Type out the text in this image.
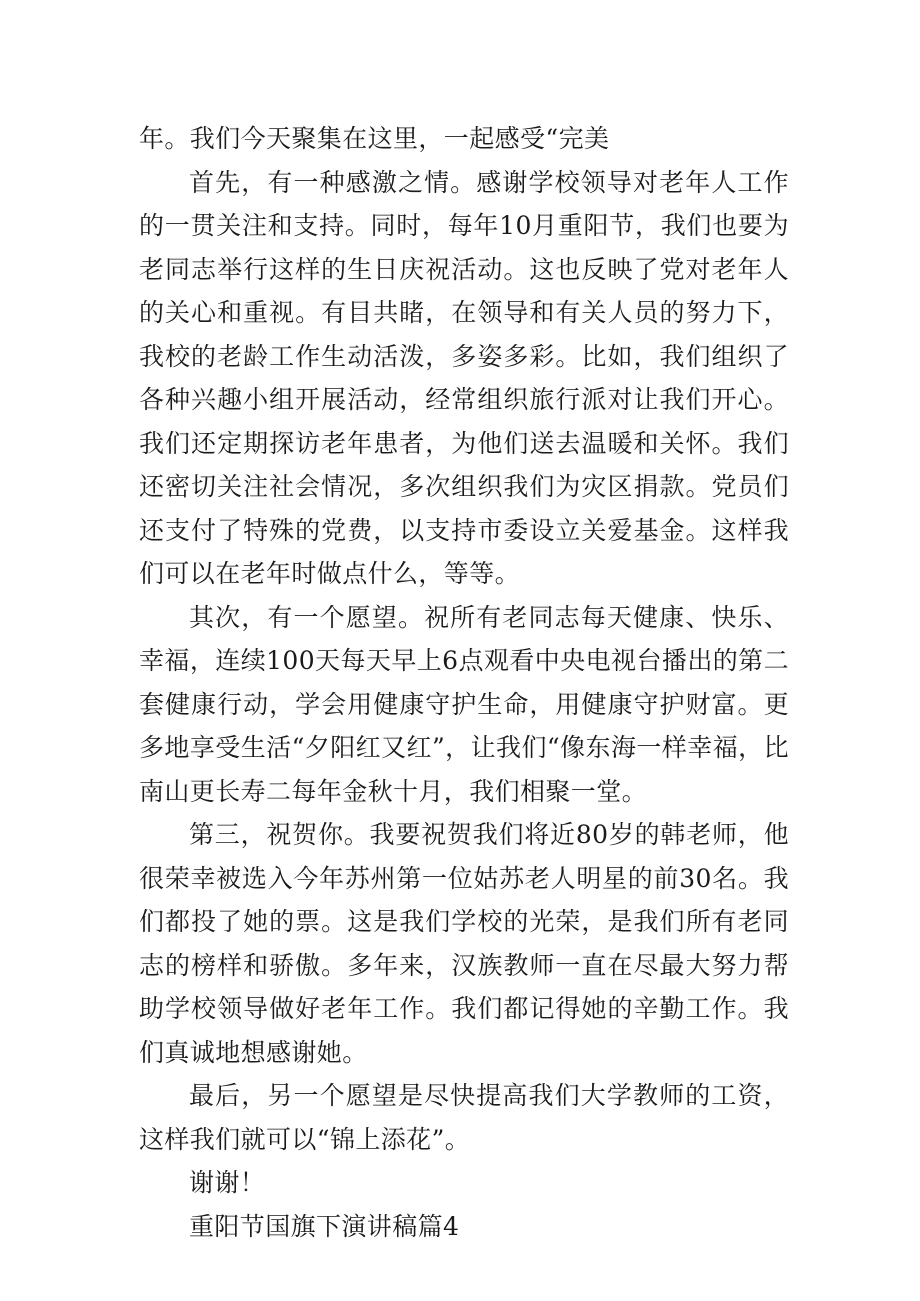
年。我们今天聚集在这里，一起感受“完美

首先，有一种感激之情。感谢学校领导对老年人工作的一贯关注和支持。同时，每年10月重阳节，我们也要为老同志举行这样的生日庆祝活动。这也反映了党对老年人的关心和重视。有目共睹，在领导和有关人员的努力下，我校的老龄工作生动活泼，多姿多彩。比如，我们组织了各种兴趣小组开展活动，经常组织旅行派对让我们开心。我们还定期探访老年患者，为他们送去温暖和关怀。我们还密切关注社会情况，多次组织我们为灾区捐款。党员们还支付了特殊的党费，以支持市委设立关爱基金。这样我们可以在老年时做点什么，等等。

其次，有一个愿望。祝所有老同志每天健康、快乐、幸福，连续100天每天早上6点观看中央电视台播出的第二套健康行动，学会用健康守护生命，用健康守护财富。更多地享受生活“夕阳红又红”，让我们“像东海一样幸福，比南山更长寿二每年金秋十月，我们相聚一堂。

第三，祝贺你。我要祝贺我们将近80岁的韩老师，他很荣幸被选入今年苏州第一位姑苏老人明星的前30名。我们都投了她的票。这是我们学校的光荣，是我们所有老同志的榜样和骄傲。多年来，汉族教师一直在尽最大努力帮助学校领导做好老年工作。我们都记得她的辛勤工作。我们真诚地想感谢她。

最后，另一个愿望是尽快提高我们大学教师的工资，这样我们就可以“锦上添花”。

谢谢！

重阳节国旗下演讲稿篇4
